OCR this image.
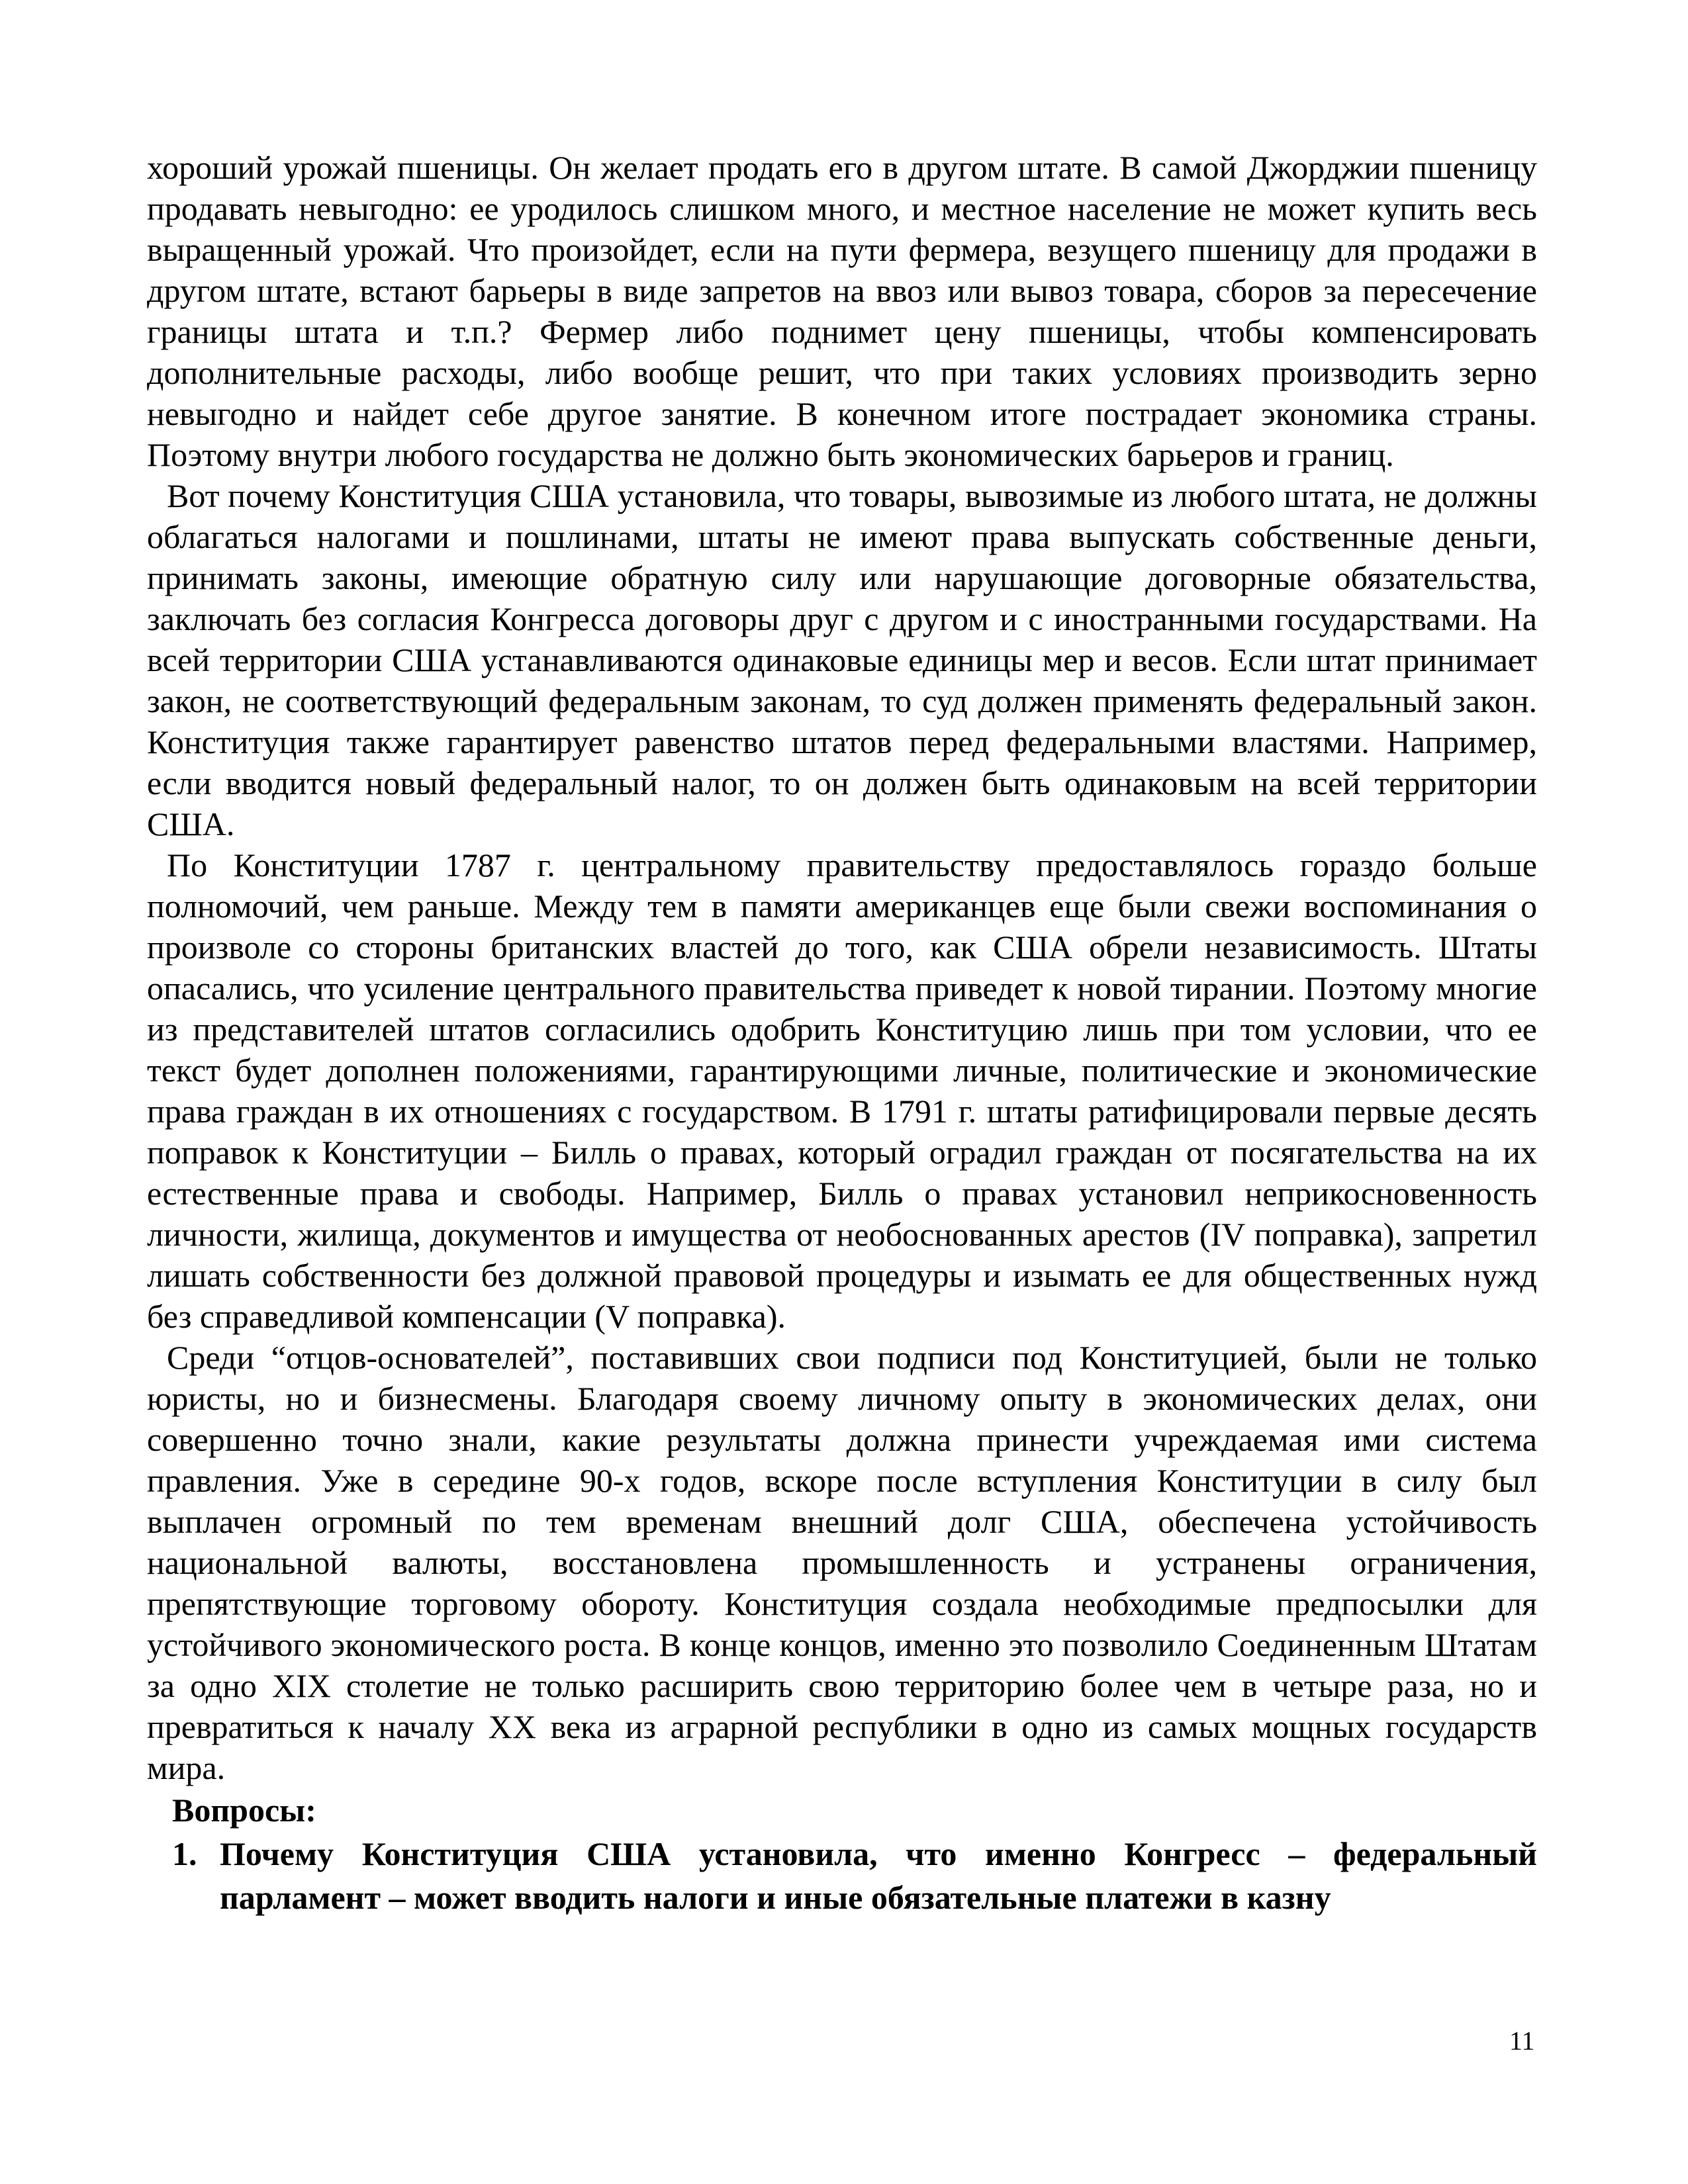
хороший урожай пшеницы. Он желает продать его в другом штате. В самой Джорджии пшеницу продавать невыгодно: ее уродилось слишком много, и местное население не может купить весь выращенный урожай. Что произойдет, если на пути фермера, везущего пшеницу для продажи в другом штате, встают барьеры в виде запретов на ввоз или вывоз товара, сборов за пересечение границы штата и т.п.? Фермер либо поднимет цену пшеницы, чтобы компенсировать дополнительные расходы, либо вообще решит, что при таких условиях производить зерно невыгодно и найдет себе другое занятие. В конечном итоге пострадает экономика страны. Поэтому внутри любого государства не должно быть экономических барьеров и границ.

Вот почему Конституция США установила, что товары, вывозимые из любого штата, не должны облагаться налогами и пошлинами, штаты не имеют права выпускать собственные деньги, принимать законы, имеющие обратную силу или нарушающие договорные обязательства, заключать без согласия Конгресса договоры друг с другом и с иностранными государствами. На всей территории США устанавливаются одинаковые единицы мер и весов. Если штат принимает закон, не соответствующий федеральным законам, то суд должен применять федеральный закон. Конституция также гарантирует равенство штатов перед федеральными властями. Например, если вводится новый федеральный налог, то он должен быть одинаковым на всей территории США.

По Конституции 1787 г. центральному правительству предоставлялось гораздо больше полномочий, чем раньше. Между тем в памяти американцев еще были свежи воспоминания о произволе со стороны британских властей до того, как США обрели независимость. Штаты опасались, что усиление центрального правительства приведет к новой тирании. Поэтому многие из представителей штатов согласились одобрить Конституцию лишь при том условии, что ее текст будет дополнен положениями, гарантирующими личные, политические и экономические права граждан в их отношениях с государством. В 1791 г. штаты ратифицировали первые десять поправок к Конституции – Билль о правах, который оградил граждан от посягательства на их естественные права и свободы. Например, Билль о правах установил неприкосновенность личности, жилища, документов и имущества от необоснованных арестов (IV поправка), запретил лишать собственности без должной правовой процедуры и изымать ее для общественных нужд без справедливой компенсации (V поправка).

Среди “отцов-основателей”, поставивших свои подписи под Конституцией, были не только юристы, но и бизнесмены. Благодаря своему личному опыту в экономических делах, они совершенно точно знали, какие результаты должна принести учреждаемая ими система правления. Уже в середине 90-х годов, вскоре после вступления Конституции в силу был выплачен огромный по тем временам внешний долг США, обеспечена устойчивость национальной валюты, восстановлена промышленность и устранены ограничения, препятствующие торговому обороту. Конституция создала необходимые предпосылки для устойчивого экономического роста. В конце концов, именно это позволило Соединенным Штатам за одно XIX столетие не только расширить свою территорию более чем в четыре раза, но и превратиться к началу XX века из аграрной республики в одно из самых мощных государств мира.

Вопросы:

1. Почему Конституция США установила, что именно Конгресс – федеральный парламент – может вводить налоги и иные обязательные платежи в казну
11
